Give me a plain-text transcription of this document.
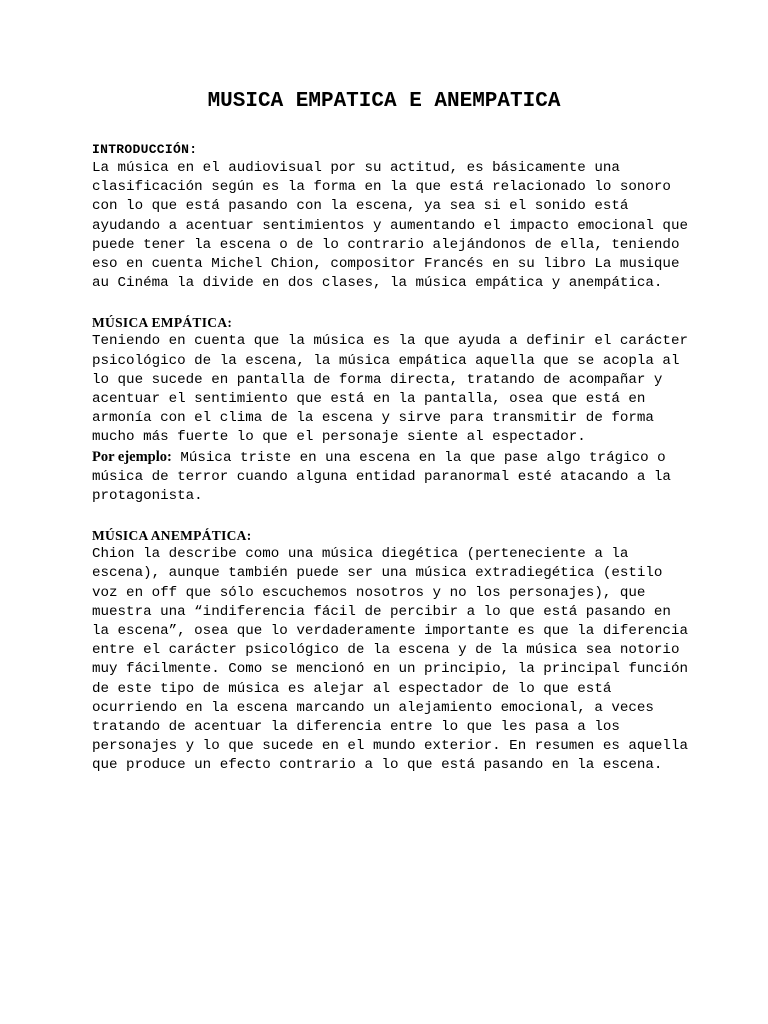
MUSICA EMPATICA E ANEMPATICA

INTRODUCCIÓN:

La música en el audiovisual por su actitud, es básicamente una clasificación según es la forma en la que está relacionado lo sonoro con lo que está pasando con la escena, ya sea si el sonido está ayudando a acentuar sentimientos y aumentando el impacto emocional que puede tener la escena o de lo contrario alejándonos de ella, teniendo eso en cuenta Michel Chion, compositor Francés en su libro La musique au Cinéma la divide en dos clases, la música empática y anempática.

MÚSICA EMPÁTICA:

Teniendo en cuenta que la música es la que ayuda a definir el carácter psicológico de la escena, la música empática aquella que se acopla al lo que sucede en pantalla de forma directa, tratando de acompañar y acentuar el sentimiento que está en la pantalla, osea que está en armonía con el clima de la escena y sirve para transmitir de forma mucho más fuerte lo que el personaje siente al espectador.

Por ejemplo: Música triste en una escena en la que pase algo trágico o música de terror cuando alguna entidad paranormal esté atacando a la protagonista.

MÚSICA ANEMPÁTICA:

Chion la describe como una música diegética (perteneciente a la escena), aunque también puede ser una música extradiegética (estilo voz en off que sólo escuchemos nosotros y no los personajes), que muestra una “indiferencia fácil de percibir a lo que está pasando en la escena”, osea que lo verdaderamente importante es que la diferencia entre el carácter psicológico de la escena y de la música sea notorio muy fácilmente. Como se mencionó en un principio, la principal función de este tipo de música es alejar al espectador de lo que está ocurriendo en la escena marcando un alejamiento emocional, a veces tratando de acentuar la diferencia entre lo que les pasa a los personajes y lo que sucede en el mundo exterior. En resumen es aquella que produce un efecto contrario a lo que está pasando en la escena.
